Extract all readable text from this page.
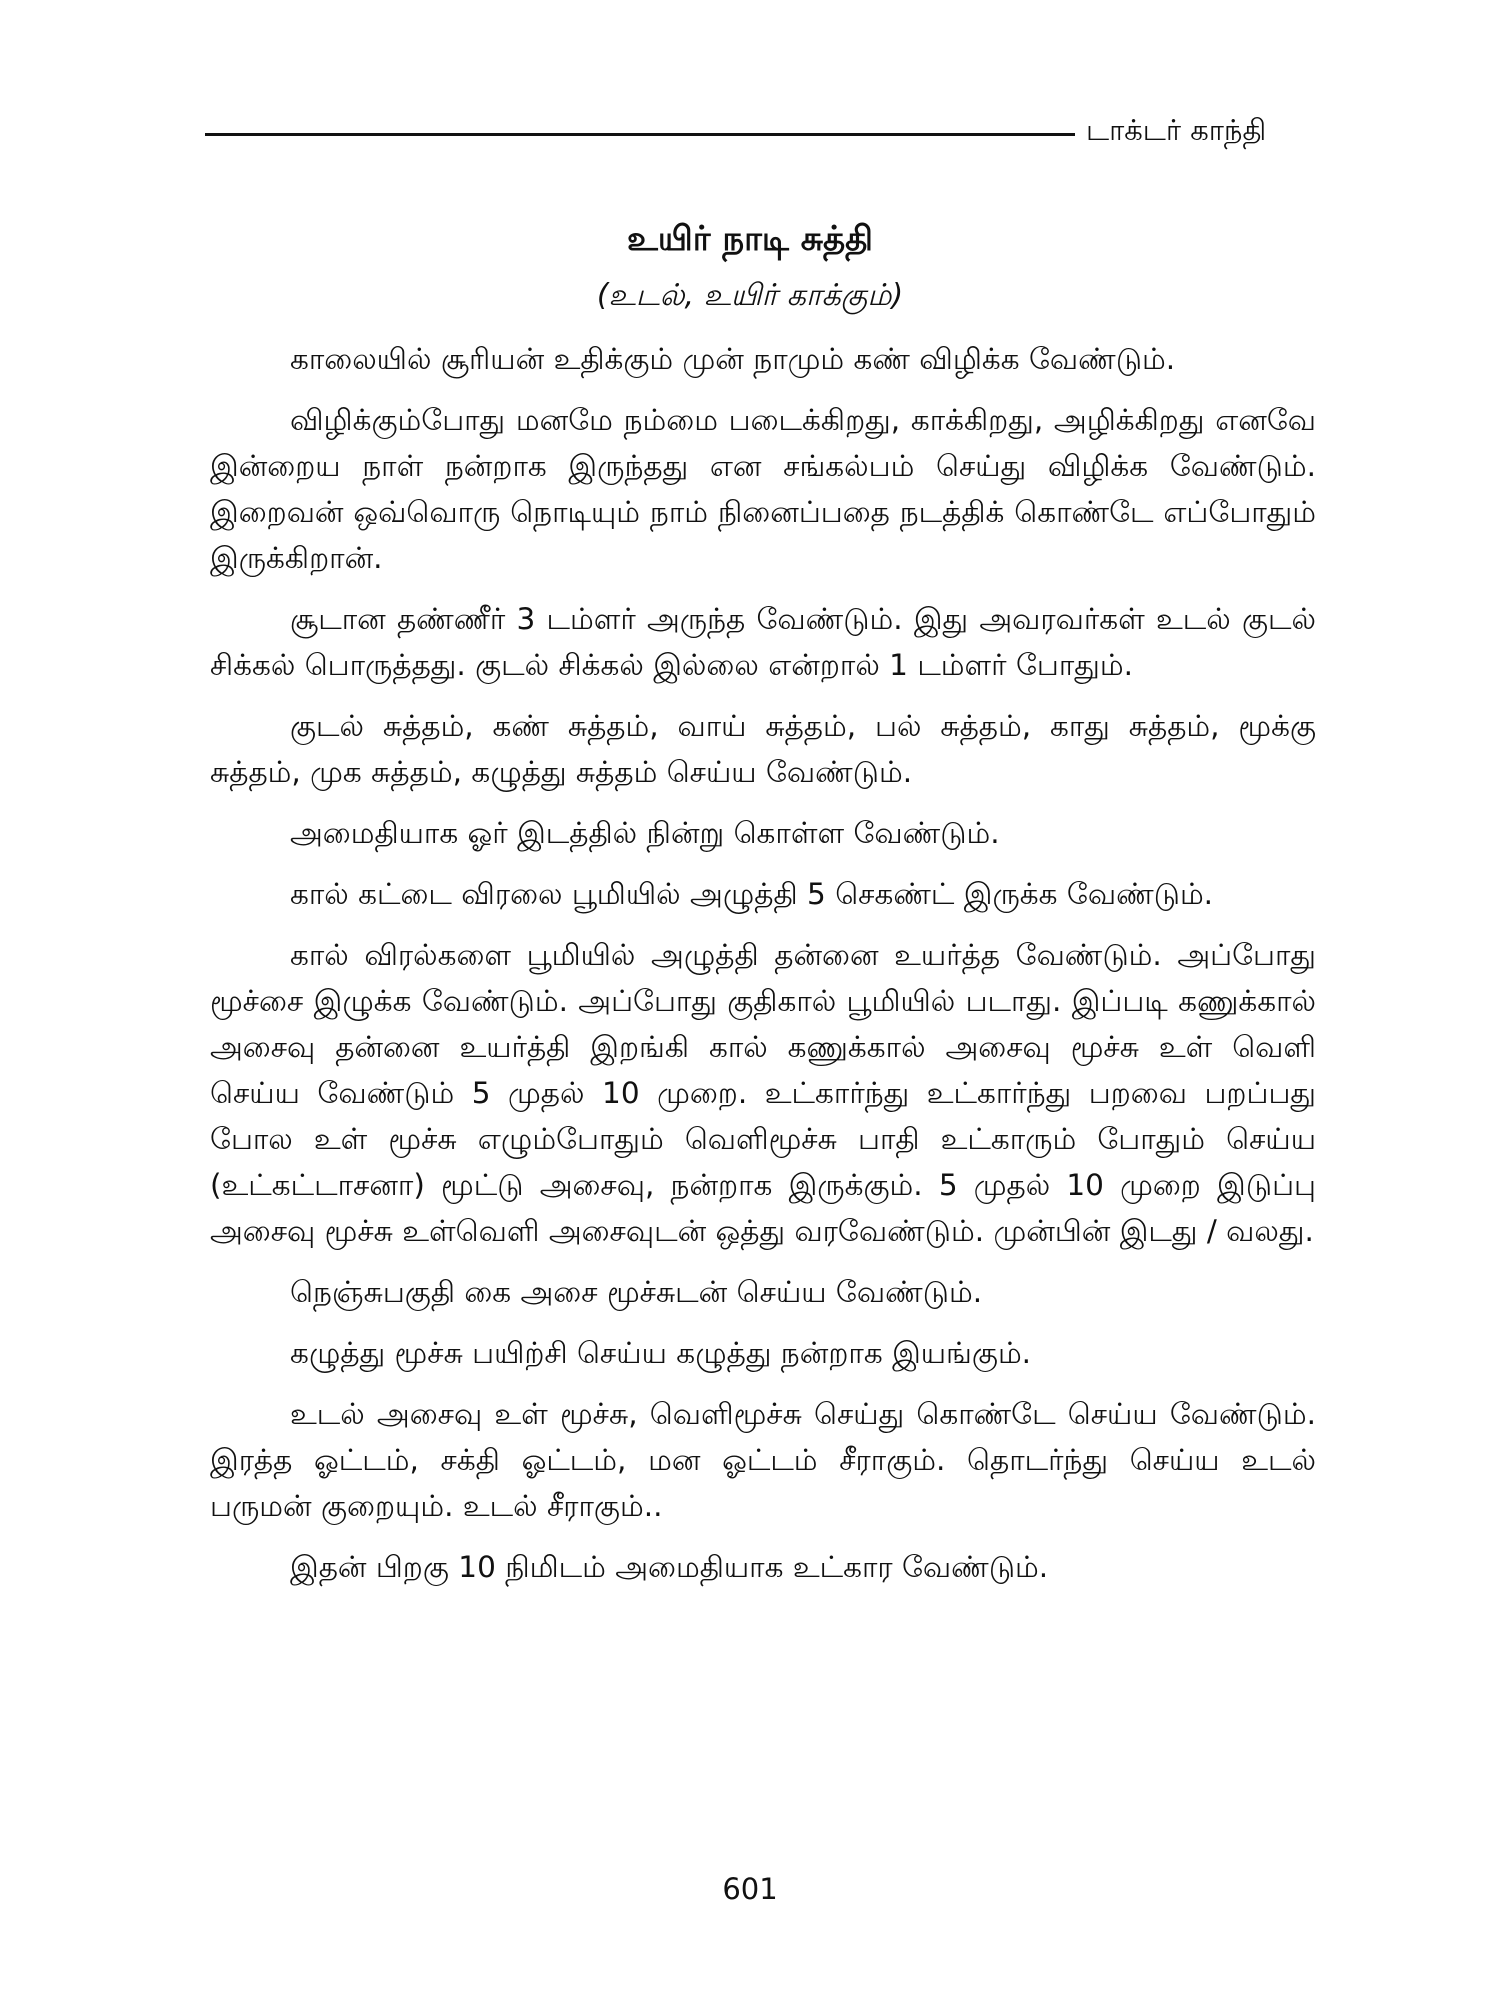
டாக்டர் காந்தி
உயிர் நாடி சுத்தி
(உடல், உயிர் காக்கும்)

காலையில் சூரியன் உதிக்கும் முன் நாமும் கண் விழிக்க வேண்டும்.

விழிக்கும்போது மனமே நம்மை படைக்கிறது, காக்கிறது, அழிக்கிறது எனவே இன்றைய நாள் நன்றாக இருந்தது என சங்கல்பம் செய்து விழிக்க வேண்டும். இறைவன் ஒவ்வொரு நொடியும் நாம் நினைப்பதை நடத்திக் கொண்டே எப்போதும் இருக்கிறான்.

சூடான தண்ணீர் 3 டம்ளர் அருந்த வேண்டும். இது அவரவர்கள் உடல் குடல் சிக்கல் பொருத்தது. குடல் சிக்கல் இல்லை என்றால் 1 டம்ளர் போதும்.

குடல் சுத்தம், கண் சுத்தம், வாய் சுத்தம், பல் சுத்தம், காது சுத்தம், மூக்கு சுத்தம், முக சுத்தம், கழுத்து சுத்தம் செய்ய வேண்டும்.

அமைதியாக ஓர் இடத்தில் நின்று கொள்ள வேண்டும்.

கால் கட்டை விரலை பூமியில் அழுத்தி 5 செகண்ட் இருக்க வேண்டும்.

கால் விரல்களை பூமியில் அழுத்தி தன்னை உயர்த்த வேண்டும். அப்போது மூச்சை இழுக்க வேண்டும். அப்போது குதிகால் பூமியில் படாது. இப்படி கணுக்கால் அசைவு தன்னை உயர்த்தி இறங்கி கால் கணுக்கால் அசைவு மூச்சு உள் வெளி செய்ய வேண்டும் 5 முதல் 10 முறை. உட்கார்ந்து உட்கார்ந்து பறவை பறப்பது போல உள் மூச்சு எழும்போதும் வெளிமூச்சு பாதி உட்காரும் போதும் செய்ய (உட்கட்டாசனா) மூட்டு அசைவு, நன்றாக இருக்கும். 5 முதல் 10 முறை இடுப்பு அசைவு மூச்சு உள்வெளி அசைவுடன் ஒத்து வரவேண்டும். முன்பின் இடது / வலது.

நெஞ்சுபகுதி கை அசை மூச்சுடன் செய்ய வேண்டும்.

கழுத்து மூச்சு பயிற்சி செய்ய கழுத்து நன்றாக இயங்கும்.

உடல் அசைவு உள் மூச்சு, வெளிமூச்சு செய்து கொண்டே செய்ய வேண்டும். இரத்த ஓட்டம், சக்தி ஓட்டம், மன ஓட்டம் சீராகும். தொடர்ந்து செய்ய உடல் பருமன் குறையும். உடல் சீராகும்..

இதன் பிறகு 10 நிமிடம் அமைதியாக உட்கார வேண்டும்.

601
